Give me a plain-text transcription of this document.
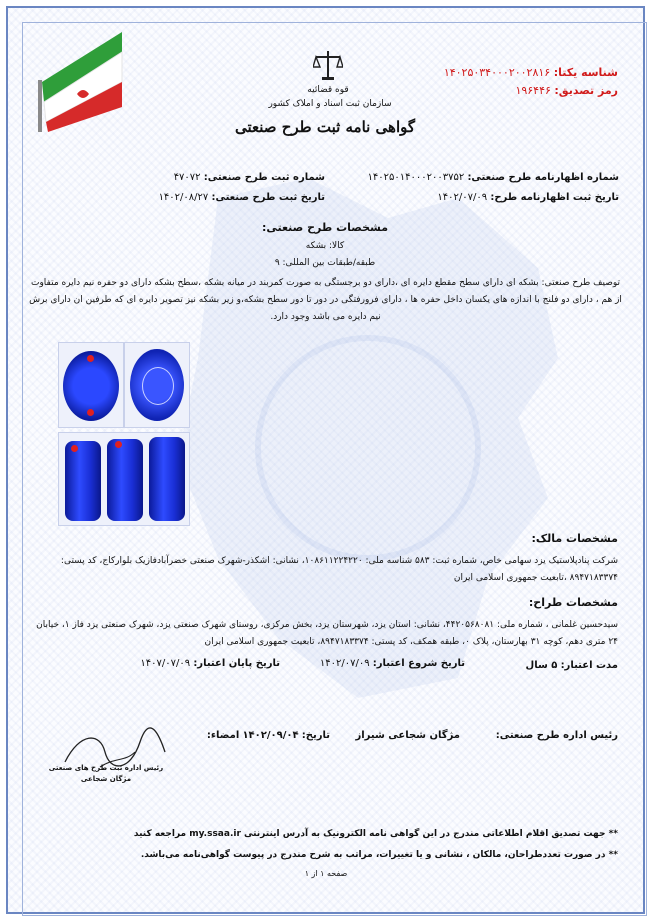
قوه قضائیه
سازمان ثبت اسناد و املاک کشور
گواهی نامه ثبت طرح صنعتی
شناسه یکتا: ۱۴۰۲۵۰۳۴۰۰۰۲۰۰۲۸۱۶
رمز تصدیق: ۱۹۶۴۴۶
شماره اظهارنامه طرح صنعتی: ۱۴۰۲۵۰۱۴۰۰۰۲۰۰۳۷۵۲
تاریخ ثبت اظهارنامه طرح: ۱۴۰۲/۰۷/۰۹
شماره ثبت طرح صنعتی: ۴۷۰۷۲
تاریخ ثبت طرح صنعتی: ۱۴۰۲/۰۸/۲۷
مشخصات طرح صنعتی:
کالا: بشکه
طبقه/طبقات بین المللی: ۹
توصیف طرح صنعتی: بشکه ای دارای سطح مقطع دایره ای ،دارای دو برجستگی به صورت کمربند در میانه بشکه ،سطح بشکه دارای دو حفره نیم دایره متفاوت از هم ، دارای دو فلنج با اندازه های یکسان داخل حفره ها ، دارای فرورفتگی در دور تا دور سطح بشکه،و زیر بشکه نیز تصویر دایره ای که طرفین ان دارای برش نیم دایره می باشد وجود دارد.
مشخصات مالک:
شرکت پنادپلاستیک یزد سهامی خاص، شماره ثبت: ۵۸۳ شناسه ملی: ۱۰۸۶۱۱۲۲۴۲۲۰، نشانی: اشکذر-شهرک صنعتی خضرآبادفازیک بلوارکاج، کد پستی: ۸۹۴۷۱۸۳۳۷۴ ،تابعیت جمهوری اسلامی ایران
مشخصات طراح:
سیدحسین غلمانی ، شماره ملی: ۴۴۲۰۵۶۸۰۸۱، نشانی: استان یزد، شهرستان یزد، بخش مرکزی، روستای شهرک صنعتی یزد، شهرک صنعتی یزد فاز ۱، خیابان ۲۴ متری دهم، کوچه ۳۱ بهارستان، پلاک ۰، طبقه همکف، کد پستی: ۸۹۴۷۱۸۳۳۷۴، تابعیت جمهوری اسلامی ایران
مدت اعتبار: ۵ سال
تاریخ شروع اعتبار: ۱۴۰۲/۰۷/۰۹
تاریخ پایان اعتبار: ۱۴۰۷/۰۷/۰۹
رئیس اداره طرح صنعتی:
مژگان شجاعی شیراز
تاریخ: ۱۴۰۲/۰۹/۰۴ امضاء:
رئیس اداره ثبت طرح های صنعتی
مژگان شجاعی
** جهت تصدیق اقلام اطلاعاتی مندرج در این گواهی نامه الکترونیک به آدرس اینترنتی my.ssaa.ir مراجعه کنید
** در صورت تعددطراحان، مالکان ، نشانی و یا تغییرات، مراتب به شرح مندرج در پیوست گواهی‌نامه می‌باشد.
صفحه ۱ از ۱
